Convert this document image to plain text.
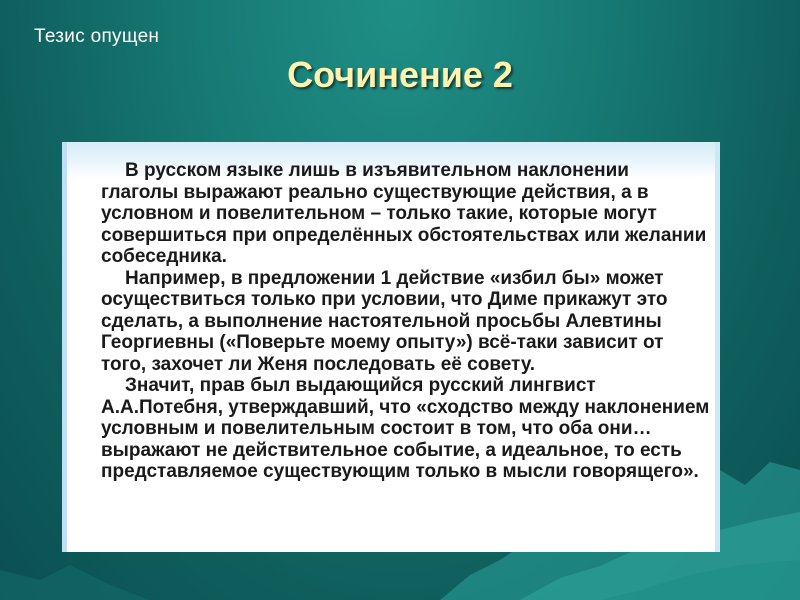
Тезис опущен
Сочинение 2

В русском языке лишь в изъявительном наклонении глаголы выражают реально существующие действия, а в условном и повелительном – только такие, которые могут совершиться при определённых обстоятельствах или желании собеседника.

Например, в предложении 1 действие «избил бы» может осуществиться только при условии, что Диме прикажут это сделать, а выполнение настоятельной просьбы Алевтины Георгиевны («Поверьте моему опыту») всё-таки зависит от того, захочет ли Женя последовать её совету.

Значит, прав был выдающийся русский лингвист А.А.Потебня, утверждавший, что «сходство между наклонением условным и повелительным состоит в том, что оба они… выражают не действительное событие, а идеальное, то есть представляемое существующим только в мысли говорящего».
